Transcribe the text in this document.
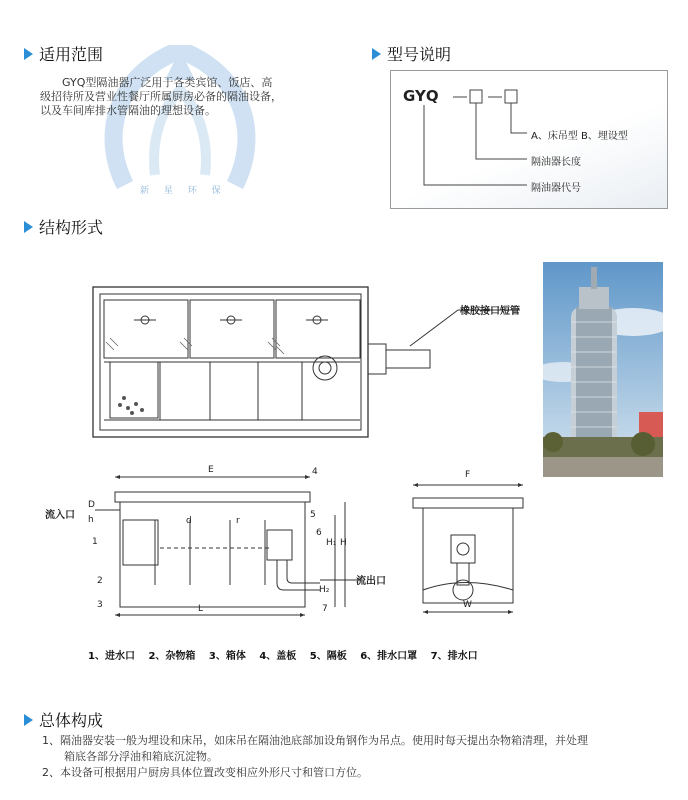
适用范围
新 星 环 保
GYQ型隔油器广泛用于各类宾馆、饭店、高
级招待所及营业性餐厅所属厨房必备的隔油设备，
以及车间库排水管隔油的理想设备。
型号说明
GYQ
A、床吊型 B、埋设型
隔油器长度
隔油器代号
结构形式
橡胶接口短管
流入口
流出口
E
L
H
H₁
H₂
h
D
d	r
1
2
3
4
5
6
7
F
W
1、进水口 2、杂物箱 3、箱体 4、盖板 5、隔板 6、排水口罩 7、排水口
总体构成
1、隔油器安装一般为埋设和床吊，如床吊在隔油池底部加设角钢作为吊点。使用时每天提出杂物箱清理，并处理
箱底各部分浮油和箱底沉淀物。
2、本设备可根据用户厨房具体位置改变相应外形尺寸和管口方位。
